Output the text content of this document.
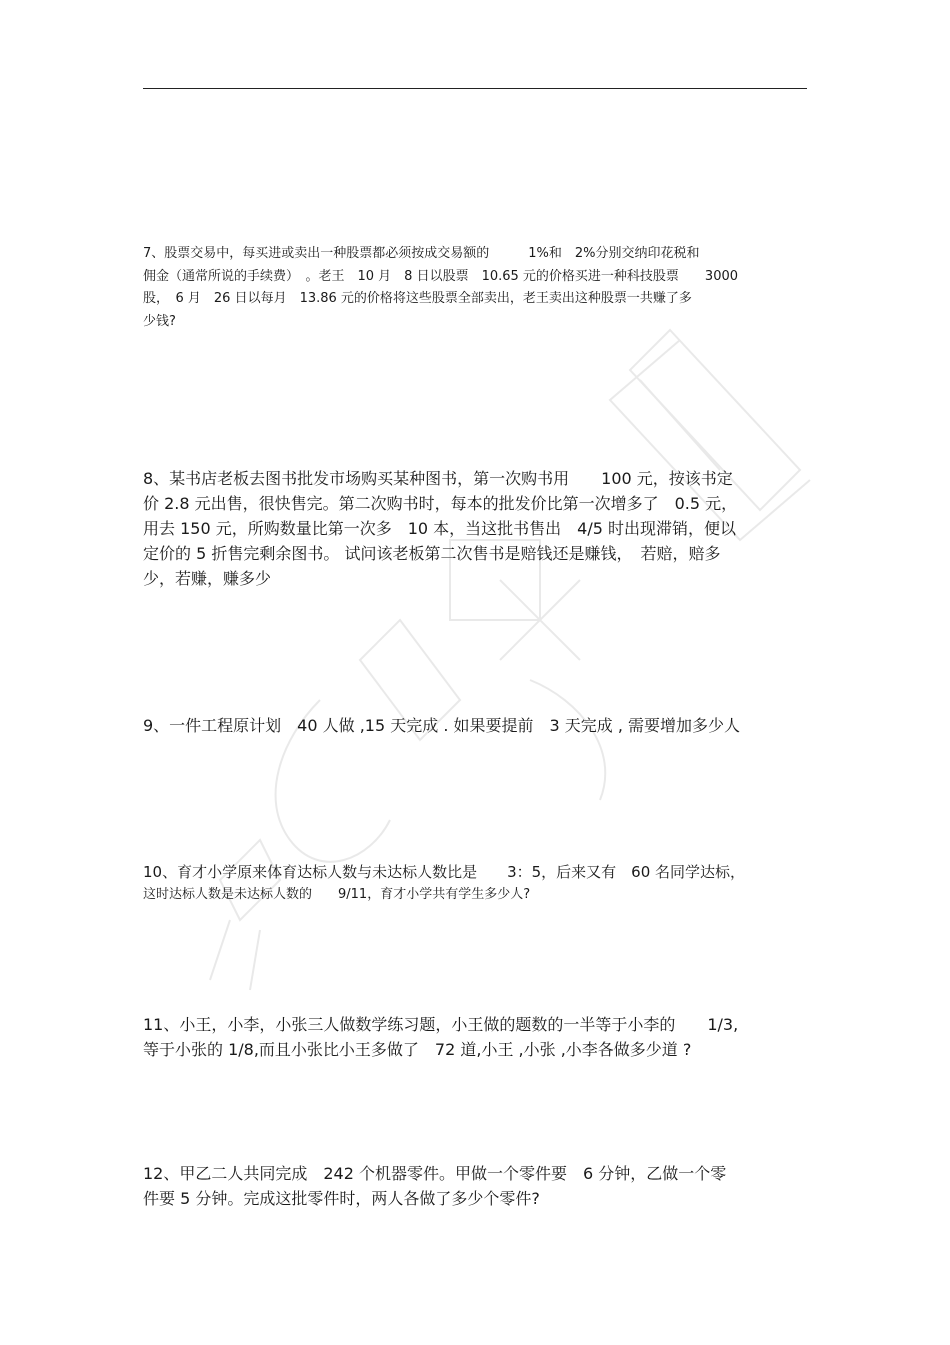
7、股票交易中，每买进或卖出一种股票都必须按成交易额的　　　1%和　2%分别交纳印花税和
佣金（通常所说的手续费）　。老王　10 月　8 日以股票　10.65 元的价格买进一种科技股票　　3000
股，　6 月　26 日以每月　13.86 元的价格将这些股票全部卖出，老王卖出这种股票一共赚了多
少钱?
8、某书店老板去图书批发市场购买某种图书，第一次购书用　　100 元，按该书定
价 2.8 元出售，很快售完。第二次购书时，每本的批发价比第一次增多了　0.5 元，
用去 150 元，所购数量比第一次多　10 本，当这批书售出　4/5 时出现滞销，便以
定价的 5 折售完剩余图书。 试问该老板第二次售书是赔钱还是赚钱，　若赔，赔多
少，若赚，赚多少
9、一件工程原计划　40 人做 ,15 天完成 . 如果要提前　3 天完成 , 需要增加多少人
10、育才小学原来体育达标人数与未达标人数比是　　3：5，后来又有　60 名同学达标，
这时达标人数是未达标人数的　　9/11，育才小学共有学生多少人?
11、小王，小李，小张三人做数学练习题，小王做的题数的一半等于小李的　　1/3,
等于小张的 1/8,而且小张比小王多做了　72 道,小王 ,小张 ,小李各做多少道 ?
12、甲乙二人共同完成　242 个机器零件。甲做一个零件要　6 分钟，乙做一个零
件要 5 分钟。完成这批零件时，两人各做了多少个零件?
